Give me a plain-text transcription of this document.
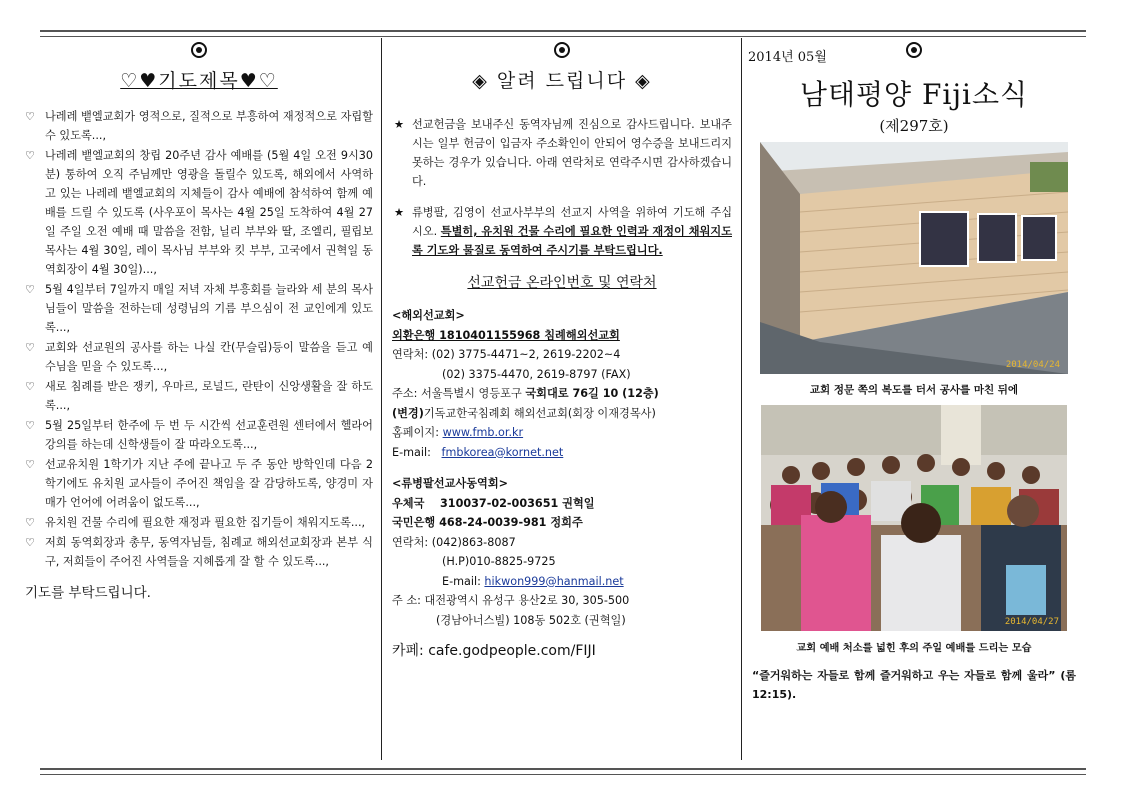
♡♥기도제목♥♡
♡ 나레레 뱉엘교회가 영적으로, 질적으로 부흥하여 재정적으로 자립할 수 있도록...,
♡ 나레레 뱉엘교회의 창립 20주년 감사 예배를 (5월 4일 오전 9시30분) 통하여 오직 주님께만 영광을 돌릴수 있도록, 해외에서 사역하고 있는 나레레 뱉엘교회의 지체들이 감사 예배에 참석하여 함께 예배를 드릴 수 있도록 (사우포이 목사는 4월 25일 도착하여 4월 27일 주일 오전 예배 때 말씀을 전함, 닐리 부부와 딸, 조엘리, 필립보 목사는 4월 30일, 레이 목사님 부부와 킷 부부, 고국에서 권혁일 동역회장이 4월 30일)...,
♡ 5월 4일부터 7일까지 매일 저녁 자체 부흥회를 늘라와 세 분의 목사님들이 말씀을 전하는데 성령님의 기름 부으심이 전 교인에게 있도록...,
♡ 교회와 선교원의 공사를 하는 나실 칸(무슬림)등이 말씀을 듣고 예수님을 믿을 수 있도록...,
♡ 새로 침례를 받은 쟁키, 우마르, 로널드, 란탄이 신앙생활을 잘 하도록...,
♡ 5월 25일부터 한주에 두 번 두 시간씩 선교훈련원 센터에서 헬라어 강의를 하는데 신학생들이 잘 따라오도록...,
♡ 선교유치원 1학기가 지난 주에 끝나고 두 주 동안 방학인데 다음 2학기에도 유치원 교사들이 주어진 책임을 잘 감당하도록, 양경미 자매가 언어에 어려움이 없도록...,
♡ 유치원 건물 수리에 필요한 재정과 필요한 집기들이 채워지도록...,
♡ 저희 동역회장과 총무, 동역자님들, 침례교 해외선교회장과 본부 식구, 저희들이 주어진 사역들을 지혜롭게 잘 할 수 있도록...,
기도를 부탁드립니다.
◈ 알려 드립니다 ◈
★ 선교헌금을 보내주신 동역자님께 진심으로 감사드립니다. 보내주시는 일부 헌금이 입금자 주소확인이 안되어 영수증을 보내드리지 못하는 경우가 있습니다. 아래 연락처로 연락주시면 감사하겠습니다.
★ 류병팔, 김영이 선교사부부의 선교지 사역을 위하여 기도해 주십시오. 특별히, 유치원 건물 수리에 필요한 인력과 재정이 채워지도록 기도와 물질로 동역하여 주시기를 부탁드립니다.
선교헌금 온라인번호 및 연락처
<해외선교회>
외환은행 1810401155968 침례해외선교회
연락처: (02) 3775-4471~2, 2619-2202~4
(02) 3375-4470, 2619-8797 (FAX)
주소: 서울특별시 영등포구 국회대로 76길 10 (12층)
(변경)기독교한국침례회 해외선교회(회장 이재경목사)
홈페이지: www.fmb.or.kr
E-mail:   fmbkorea@kornet.net
<류병팔선교사동역회>
우체국    310037-02-003651 권혁일
국민은행 468-24-0039-981 정희주
연락처: (042)863-8087
(H.P)010-8825-9725
E-mail: hikwon999@hanmail.net
주 소: 대전광역시 유성구 용산2로 30, 305-500
(경남아너스빌) 108동 502호 (권혁일)
카페: cafe.godpeople.com/FIJI
2014년 05월
남태평양 Fiji소식
(제297호)
2014/04/24
교회 정문 쪽의 복도를 터서 공사를 마친 뒤에
2014/04/27
교회 예배 처소를 넓힌 후의 주일 예배를 드리는 모습
“즐거워하는 자들로 함께 즐거워하고 우는 자들로 함께 울라” (롬 12:15).
